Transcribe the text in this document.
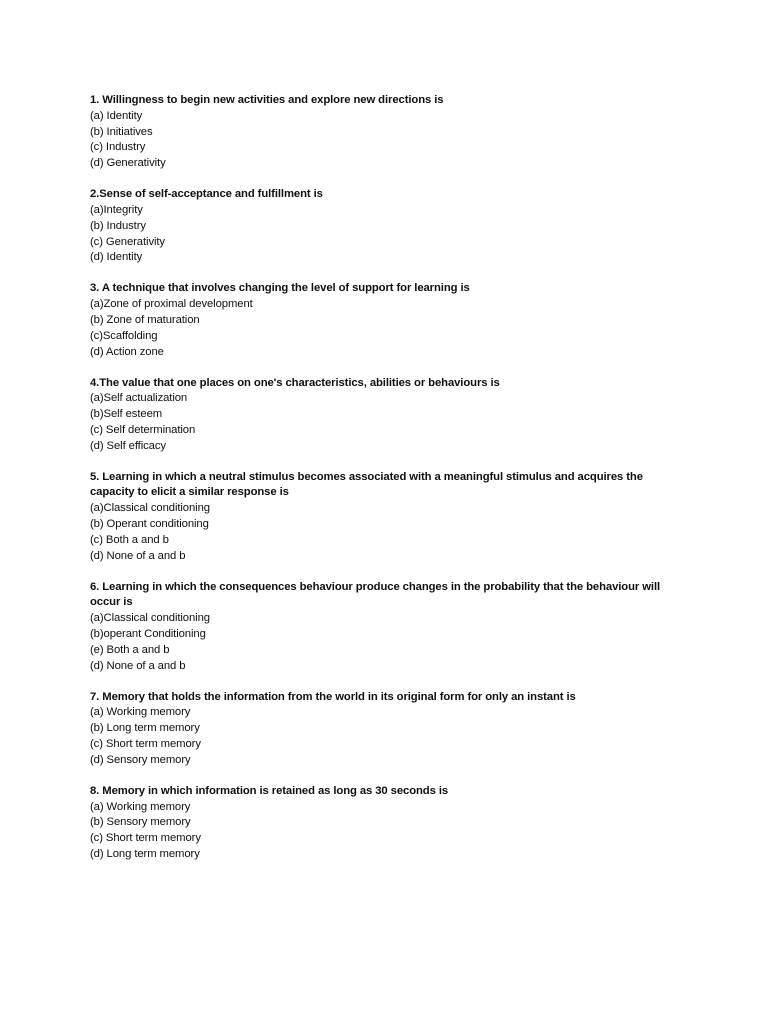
1. Willingness to begin new activities and explore new directions is

(a) Identity

(b) Initiatives

(c) Industry

(d) Generativity

2.Sense of self-acceptance and fulfillment is

(a)Integrity

(b) Industry

(c) Generativity

(d) Identity

3. A technique that involves changing the level of support for learning is

(a)Zone of proximal development

(b) Zone of maturation

(c)Scaffolding

(d) Action zone

4.The value that one places on one's characteristics, abilities or behaviours is

(a)Self actualization

(b)Self esteem

(c) Self determination

(d) Self efficacy

5. Learning in which a neutral stimulus becomes associated with a meaningful stimulus and acquires the capacity to elicit a similar response is

(a)Classical conditioning

(b) Operant conditioning

(c) Both a and b

(d) None of a and b

6. Learning in which the consequences behaviour produce changes in the probability that the behaviour will occur is

(a)Classical conditioning

(b)operant Conditioning

(e) Both a and b

(d) None of a and b

7. Memory that holds the information from the world in its original form for only an instant is

(a) Working memory

(b) Long term memory

(c) Short term memory

(d) Sensory memory

8. Memory in which information is retained as long as 30 seconds is

(a) Working memory

(b) Sensory memory

(c) Short term memory

(d) Long term memory
